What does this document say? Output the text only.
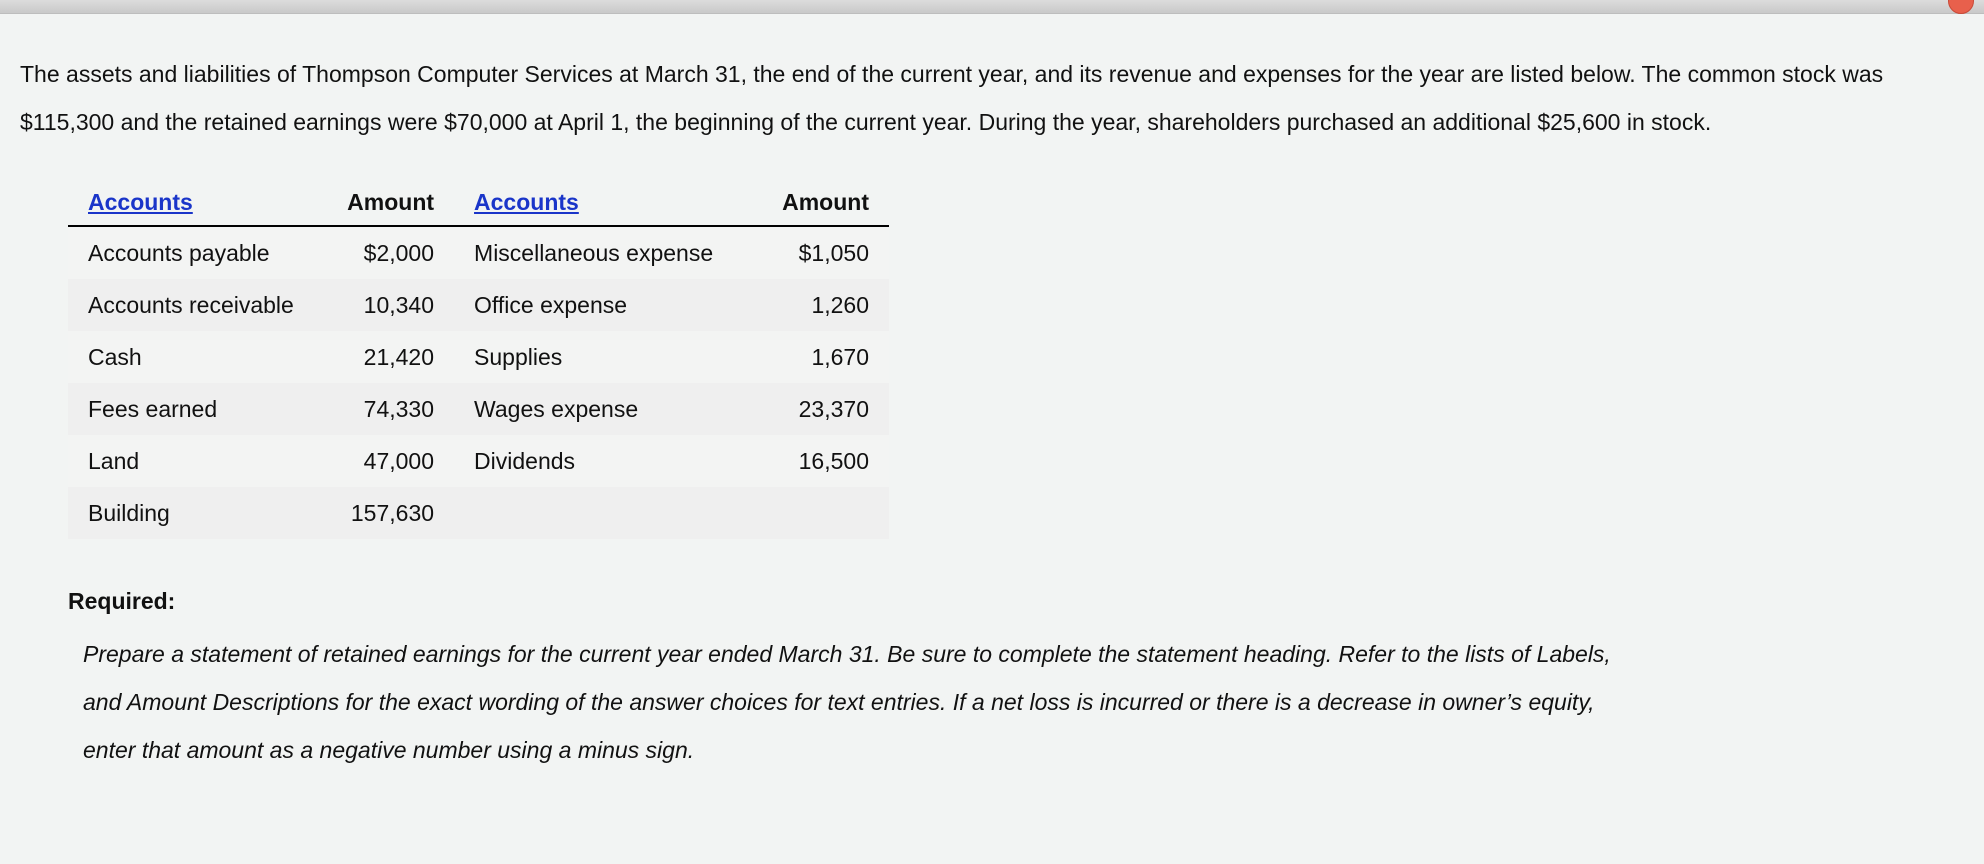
The assets and liabilities of Thompson Computer Services at March 31, the end of the current year, and its revenue and expenses for the year are listed below. The common stock was
$115,300 and the retained earnings were $70,000 at April 1, the beginning of the current year. During the year, shareholders purchased an additional $25,600 in stock.

Accounts	Amount	Accounts	Amount
Accounts payable	$2,000	Miscellaneous expense	$1,050
Accounts receivable	10,340	Office expense	1,260
Cash	21,420	Supplies	1,670
Fees earned	74,330	Wages expense	23,370
Land	47,000	Dividends	16,500
Building	157,630		

Required:

Prepare a statement of retained earnings for the current year ended March 31. Be sure to complete the statement heading. Refer to the lists of Labels, and Amount Descriptions for the exact wording of the answer choices for text entries. If a net loss is incurred or there is a decrease in owner’s equity, enter that amount as a negative number using a minus sign.
